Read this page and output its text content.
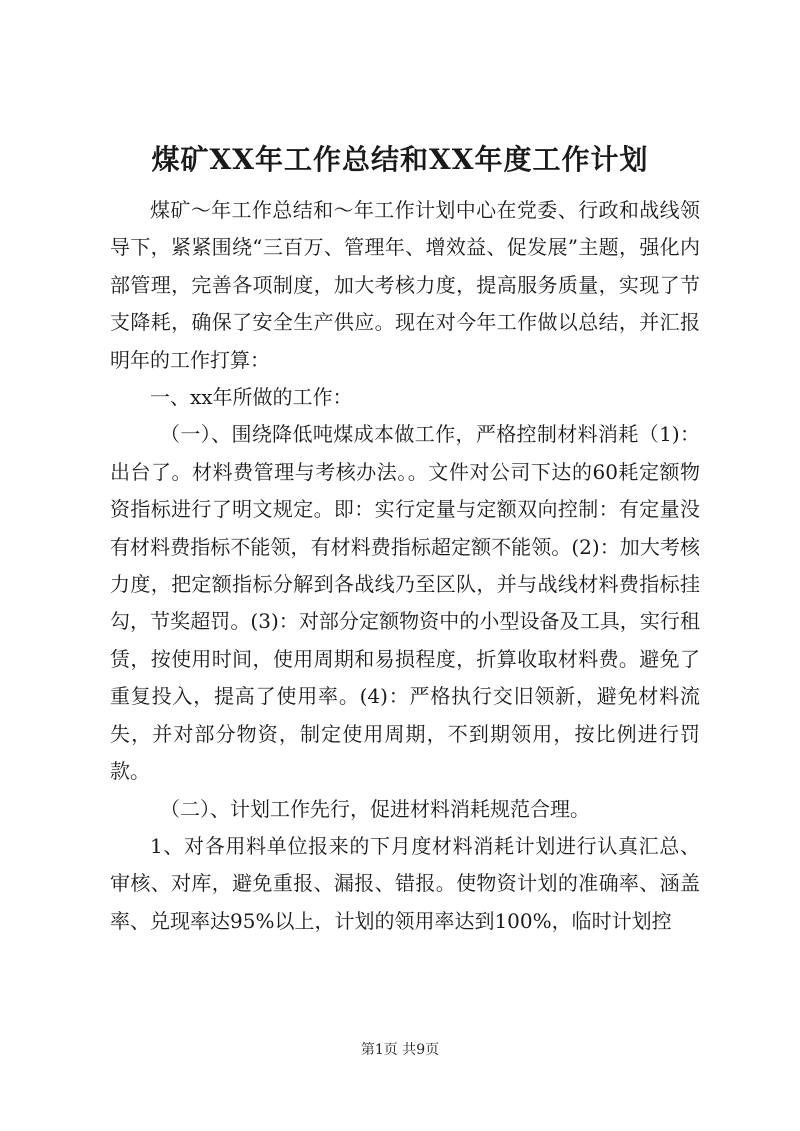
煤矿XX年工作总结和XX年度工作计划

煤矿～年工作总结和～年工作计划中心在党委、行政和战线领导下，紧紧围绕“三百万、管理年、增效益、促发展”主题，强化内部管理，完善各项制度，加大考核力度，提高服务质量，实现了节支降耗，确保了安全生产供应。现在对今年工作做以总结，并汇报明年的工作打算：

一、xx年所做的工作：

（一）、围绕降低吨煤成本做工作，严格控制材料消耗（1)：出台了。材料费管理与考核办法。。文件对公司下达的60耗定额物资指标进行了明文规定。即：实行定量与定额双向控制：有定量没有材料费指标不能领，有材料费指标超定额不能领。(2)：加大考核力度，把定额指标分解到各战线乃至区队，并与战线材料费指标挂勾，节奖超罚。(3)：对部分定额物资中的小型设备及工具，实行租赁，按使用时间，使用周期和易损程度，折算收取材料费。避免了重复投入，提高了使用率。(4)：严格执行交旧领新，避免材料流失，并对部分物资，制定使用周期，不到期领用，按比例进行罚款。

（二）、计划工作先行，促进材料消耗规范合理。

1、对各用料单位报来的下月度材料消耗计划进行认真汇总、审核、对库，避免重报、漏报、错报。使物资计划的准确率、涵盖率、兑现率达95%以上，计划的领用率达到100%，临时计划控

第1页 共9页
